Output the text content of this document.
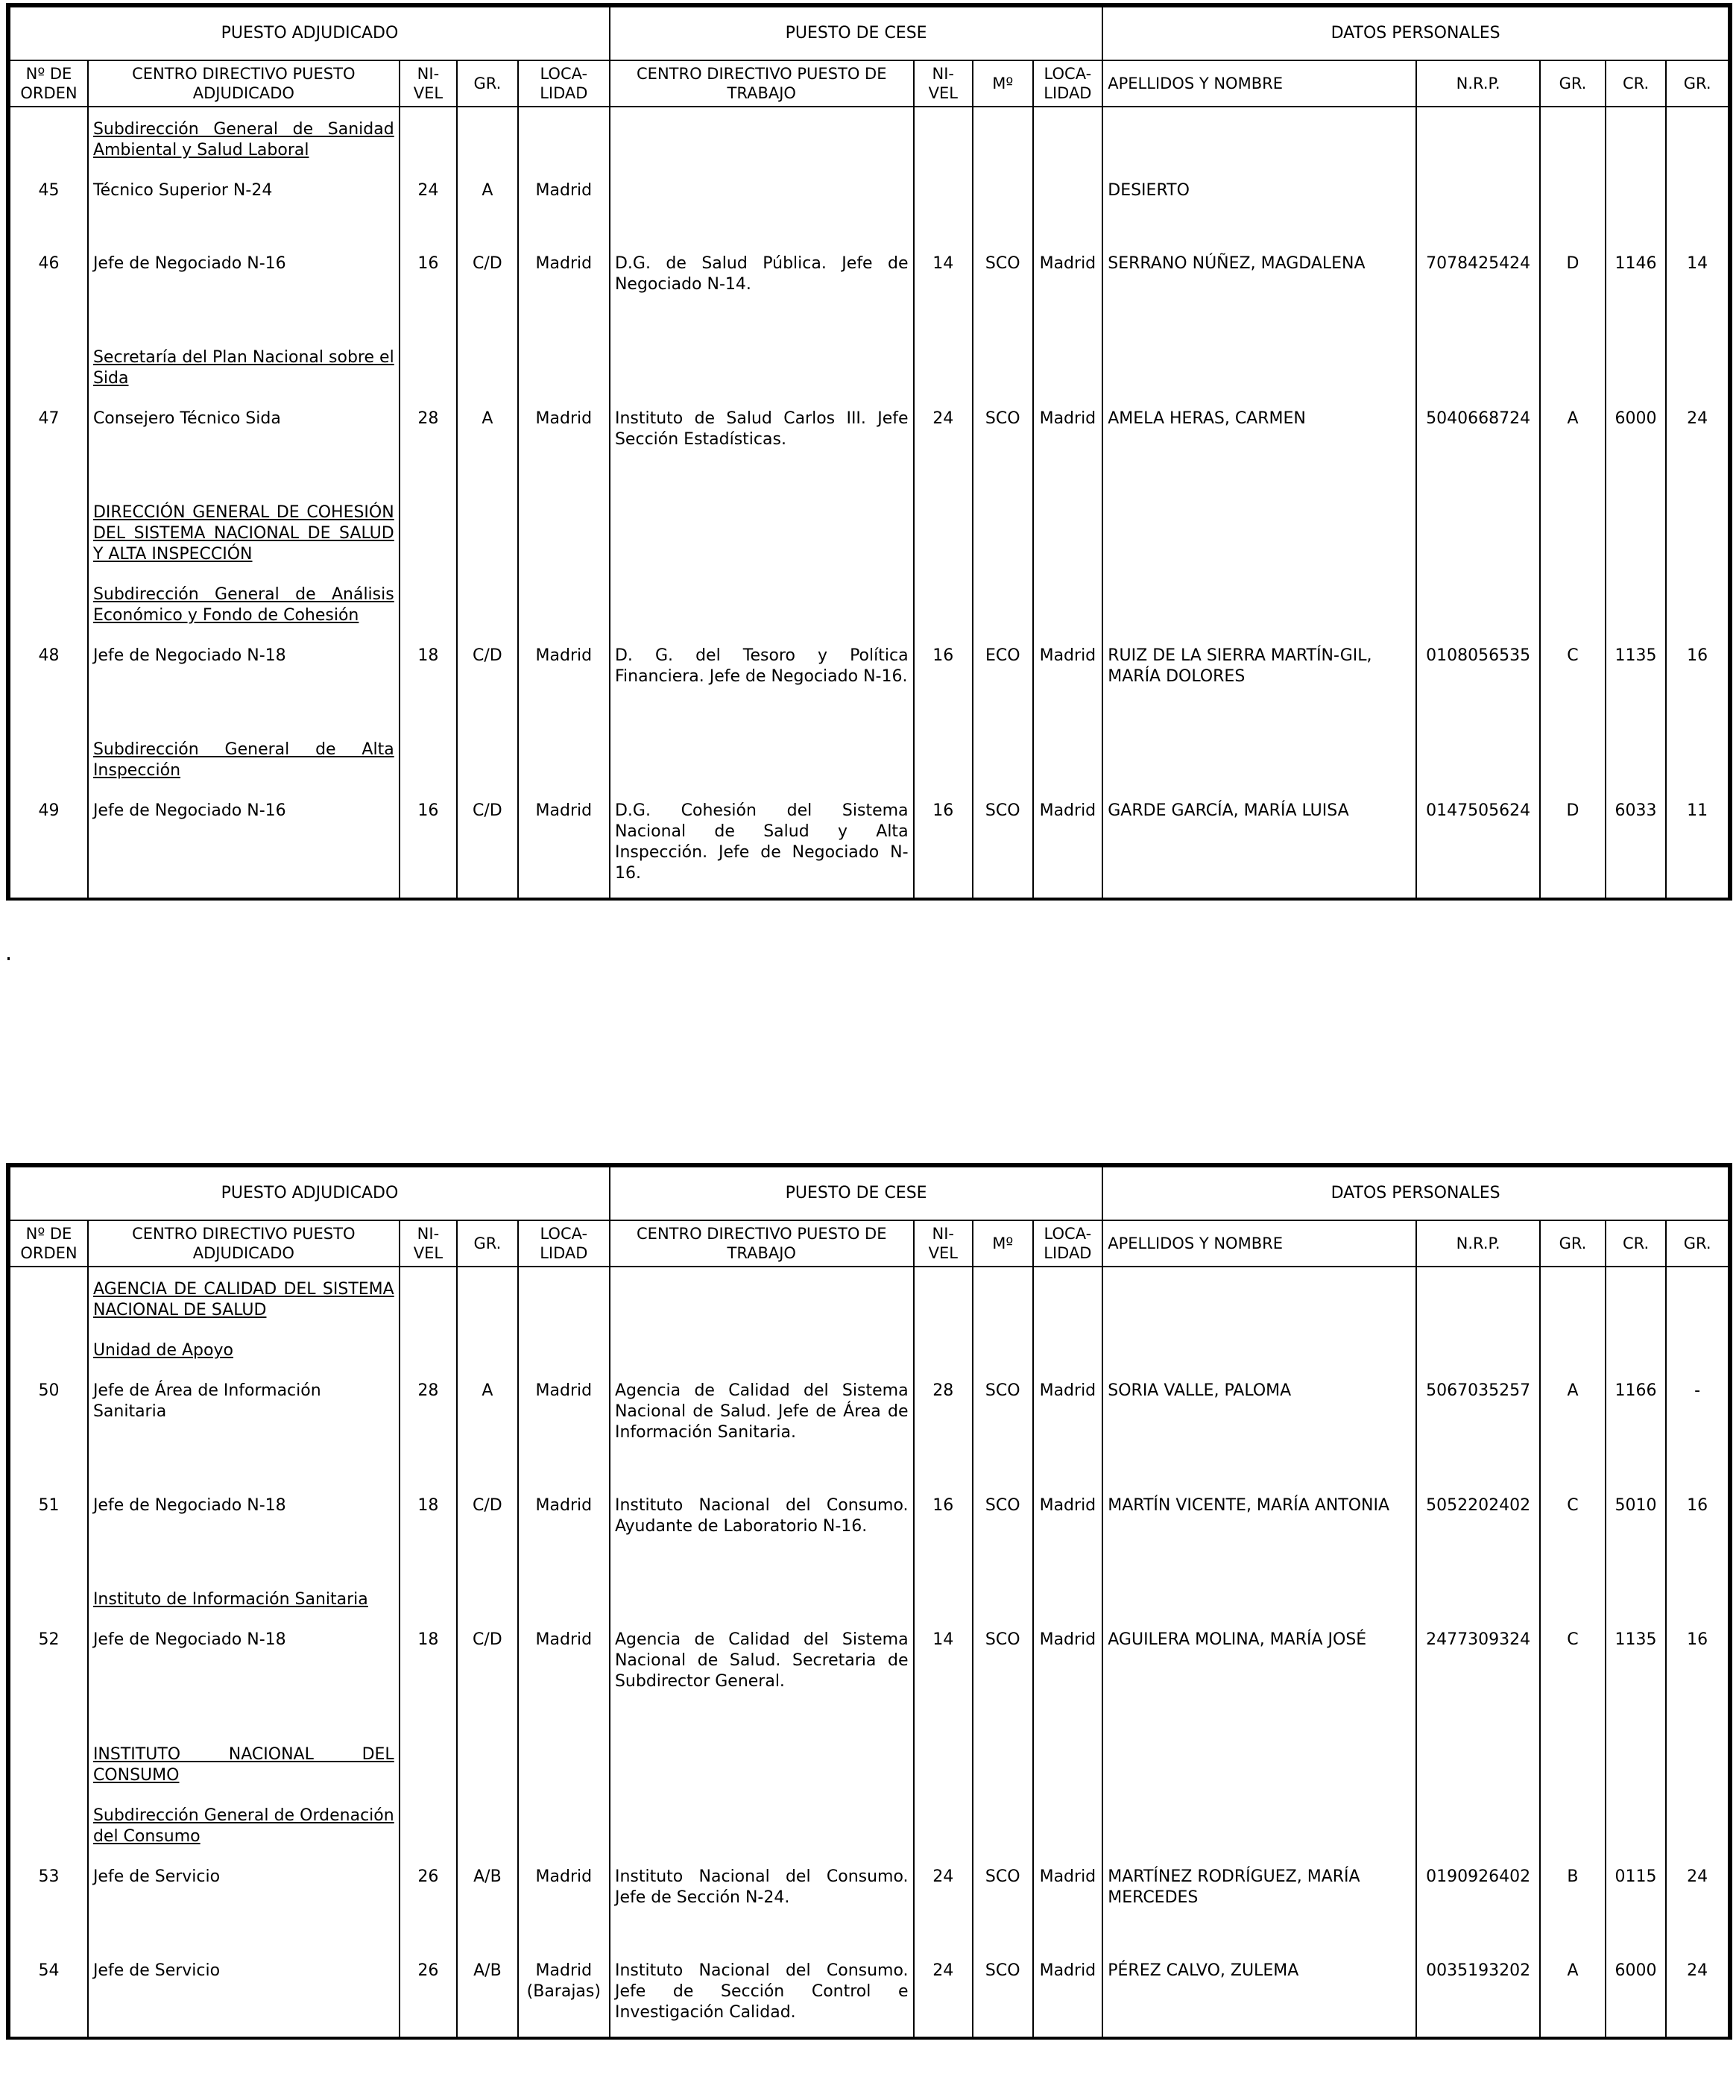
PUESTO ADJUDICADO					PUESTO DE CESE				DATOS PERSONALES				
Nº DE ORDEN	CENTRO DIRECTIVO PUESTO ADJUDICADO	NI-VEL	GR.	LOCA-LIDAD	CENTRO DIRECTIVO PUESTO DE TRABAJO	NI-VEL	Mº	LOCA-LIDAD	APELLIDOS Y NOMBRE	N.R.P.	GR.	CR.	GR.

	Subdirección General de Sanidad Ambiental y Salud Laboral												

45	Técnico Superior N-24	24	A	Madrid					DESIERTO				

46	Jefe de Negociado N-16	16	C/D	Madrid	D.G. de Salud Pública. Jefe de Negociado N-14.	14	SCO	Madrid	SERRANO NÚÑEZ, MAGDALENA	7078425424	D	1146	14

	Secretaría del Plan Nacional sobre el Sida												

47	Consejero Técnico Sida	28	A	Madrid	Instituto de Salud Carlos III. Jefe Sección Estadísticas.	24	SCO	Madrid	AMELA HERAS, CARMEN	5040668724	A	6000	24

	DIRECCIÓN GENERAL DE COHESIÓN DEL SISTEMA NACIONAL DE SALUD Y ALTA INSPECCIÓN
Subdirección General de Análisis Económico y Fondo de Cohesión												

48	Jefe de Negociado N-18	18	C/D	Madrid	D. G. del Tesoro y Política Financiera. Jefe de Negociado N-16.	16	ECO	Madrid	RUIZ DE LA SIERRA MARTÍN-GIL, MARÍA DOLORES	0108056535	C	1135	16

	Subdirección General de Alta Inspección												

49	Jefe de Negociado N-16	16	C/D	Madrid	D.G. Cohesión del Sistema Nacional de Salud y Alta Inspección. Jefe de Negociado N-16.	16	SCO	Madrid	GARDE GARCÍA, MARÍA LUISA	0147505624	D	6033	11

PUESTO ADJUDICADO					PUESTO DE CESE				DATOS PERSONALES				
Nº DE ORDEN	CENTRO DIRECTIVO PUESTO ADJUDICADO	NI-VEL	GR.	LOCA-LIDAD	CENTRO DIRECTIVO PUESTO DE TRABAJO	NI-VEL	Mº	LOCA-LIDAD	APELLIDOS Y NOMBRE	N.R.P.	GR.	CR.	GR.

	AGENCIA DE CALIDAD DEL SISTEMA NACIONAL DE SALUD
Unidad de Apoyo												

50	Jefe de Área de Información Sanitaria	28	A	Madrid	Agencia de Calidad del Sistema Nacional de Salud. Jefe de Área de Información Sanitaria.	28	SCO	Madrid	SORIA VALLE, PALOMA	5067035257	A	1166	-

51	Jefe de Negociado N-18	18	C/D	Madrid	Instituto Nacional del Consumo. Ayudante de Laboratorio N-16.	16	SCO	Madrid	MARTÍN VICENTE, MARÍA ANTONIA	5052202402	C	5010	16

	Instituto de Información Sanitaria												

52	Jefe de Negociado N-18	18	C/D	Madrid	Agencia de Calidad del Sistema Nacional de Salud. Secretaria de Subdirector General.	14	SCO	Madrid	AGUILERA MOLINA, MARÍA JOSÉ	2477309324	C	1135	16

	INSTITUTO NACIONAL DEL CONSUMO
Subdirección General de Ordenación del Consumo												

53	Jefe de Servicio	26	A/B	Madrid	Instituto Nacional del Consumo. Jefe de Sección N-24.	24	SCO	Madrid	MARTÍNEZ RODRÍGUEZ, MARÍA MERCEDES	0190926402	B	0115	24

54	Jefe de Servicio	26	A/B	Madrid (Barajas)	Instituto Nacional del Consumo. Jefe de Sección Control e Investigación Calidad.	24	SCO	Madrid	PÉREZ CALVO, ZULEMA	0035193202	A	6000	24
